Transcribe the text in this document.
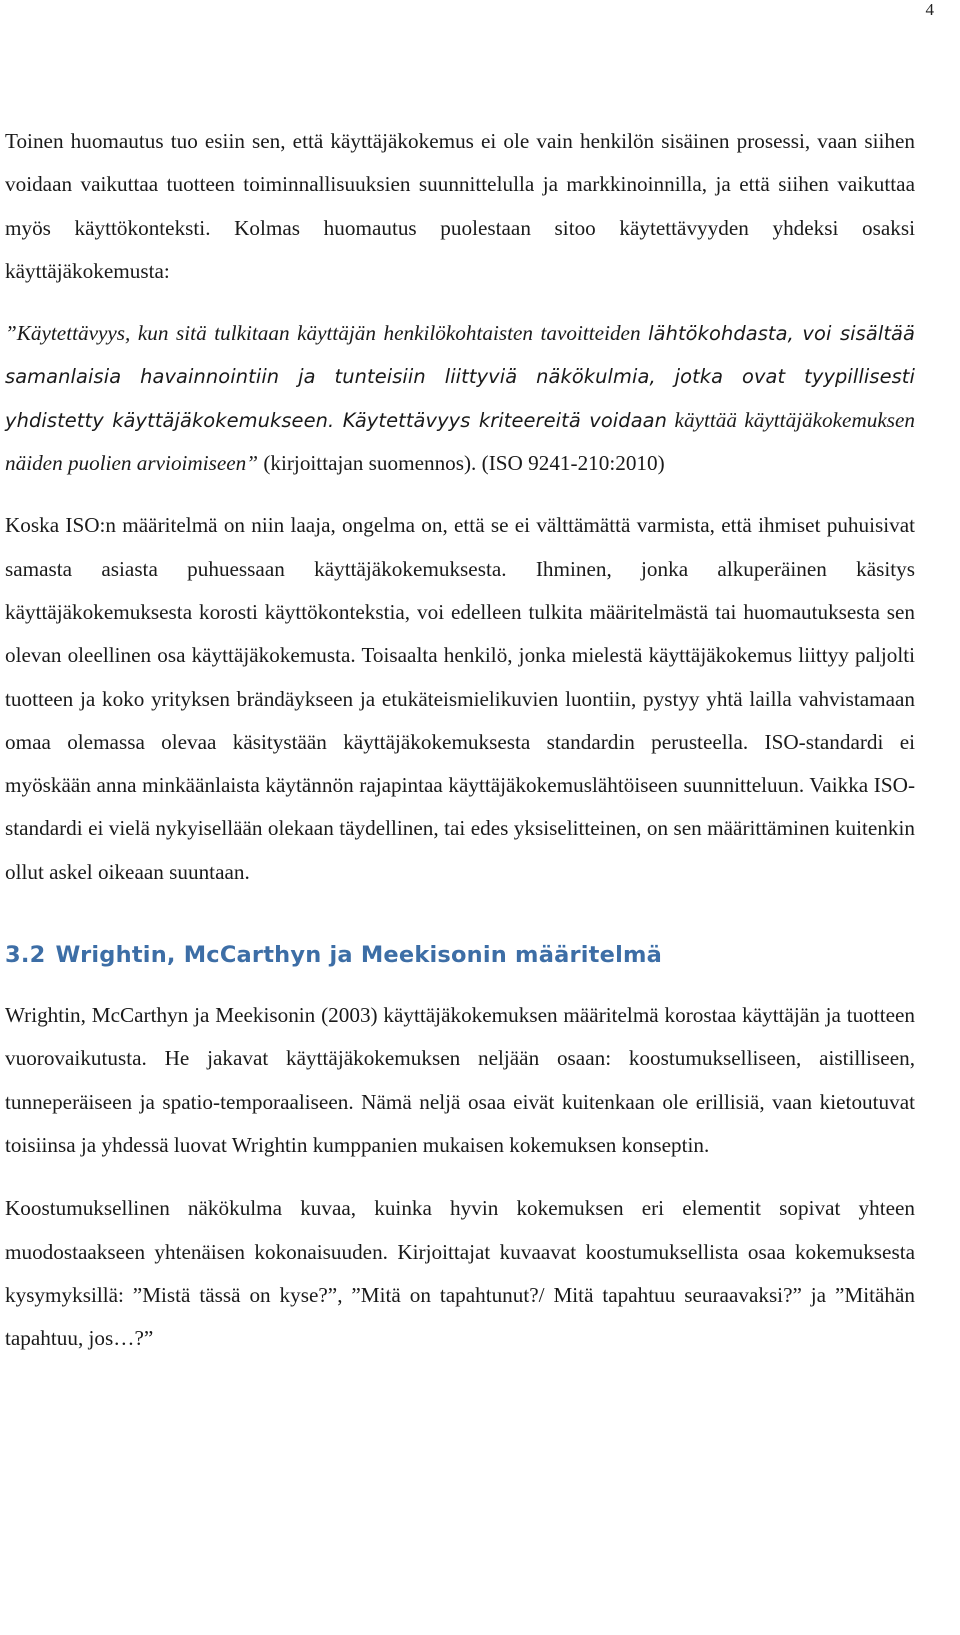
4

Toinen huomautus tuo esiin sen, että käyttäjäkokemus ei ole vain henkilön sisäinen prosessi, vaan siihen voidaan vaikuttaa tuotteen toiminnallisuuksien suunnittelulla ja markkinoinnilla, ja että siihen vaikuttaa myös käyttökonteksti. Kolmas huomautus puolestaan sitoo käytettävyyden yhdeksi osaksi käyttäjäkokemusta:

”Käytettävyys, kun sitä tulkitaan käyttäjän henkilökohtaisten tavoitteiden lähtökohdasta, voi sisältää samanlaisia havainnointiin ja tunteisiin liittyviä näkökulmia, jotka ovat tyypillisesti yhdistetty käyttäjäkokemukseen. Käytettävyys kriteereitä voidaan käyttää käyttäjäkokemuksen näiden puolien arvioimiseen” (kirjoittajan suomennos). (ISO 9241-210:2010)

Koska ISO:n määritelmä on niin laaja, ongelma on, että se ei välttämättä varmista, että ihmiset puhuisivat samasta asiasta puhuessaan käyttäjäkokemuksesta. Ihminen, jonka alkuperäinen käsitys käyttäjäkokemuksesta korosti käyttökontekstia, voi edelleen tulkita määritelmästä tai huomautuksesta sen olevan oleellinen osa käyttäjäkokemusta. Toisaalta henkilö, jonka mielestä käyttäjäkokemus liittyy paljolti tuotteen ja koko yrityksen brändäykseen ja etukäteismielikuvien luontiin, pystyy yhtä lailla vahvistamaan omaa olemassa olevaa käsitystään käyttäjäkokemuksesta standardin perusteella. ISO-standardi ei myöskään anna minkäänlaista käytännön rajapintaa käyttäjäkokemuslähtöiseen suunnitteluun. Vaikka ISO-standardi ei vielä nykyisellään olekaan täydellinen, tai edes yksiselitteinen, on sen määrittäminen kuitenkin ollut askel oikeaan suuntaan.

3.2 Wrightin, McCarthyn ja Meekisonin määritelmä

Wrightin, McCarthyn ja Meekisonin (2003) käyttäjäkokemuksen määritelmä korostaa käyttäjän ja tuotteen vuorovaikutusta. He jakavat käyttäjäkokemuksen neljään osaan: koostumukselliseen, aistilliseen, tunneperäiseen ja spatio-temporaaliseen. Nämä neljä osaa eivät kuitenkaan ole erillisiä, vaan kietoutuvat toisiinsa ja yhdessä luovat Wrightin kumppanien mukaisen kokemuksen konseptin.

Koostumuksellinen näkökulma kuvaa, kuinka hyvin kokemuksen eri elementit sopivat yhteen muodostaakseen yhtenäisen kokonaisuuden. Kirjoittajat kuvaavat koostumuksellista osaa kokemuksesta kysymyksillä: ”Mistä tässä on kyse?”, ”Mitä on tapahtunut?/ Mitä tapahtuu seuraavaksi?” ja ”Mitähän tapahtuu, jos…?”
